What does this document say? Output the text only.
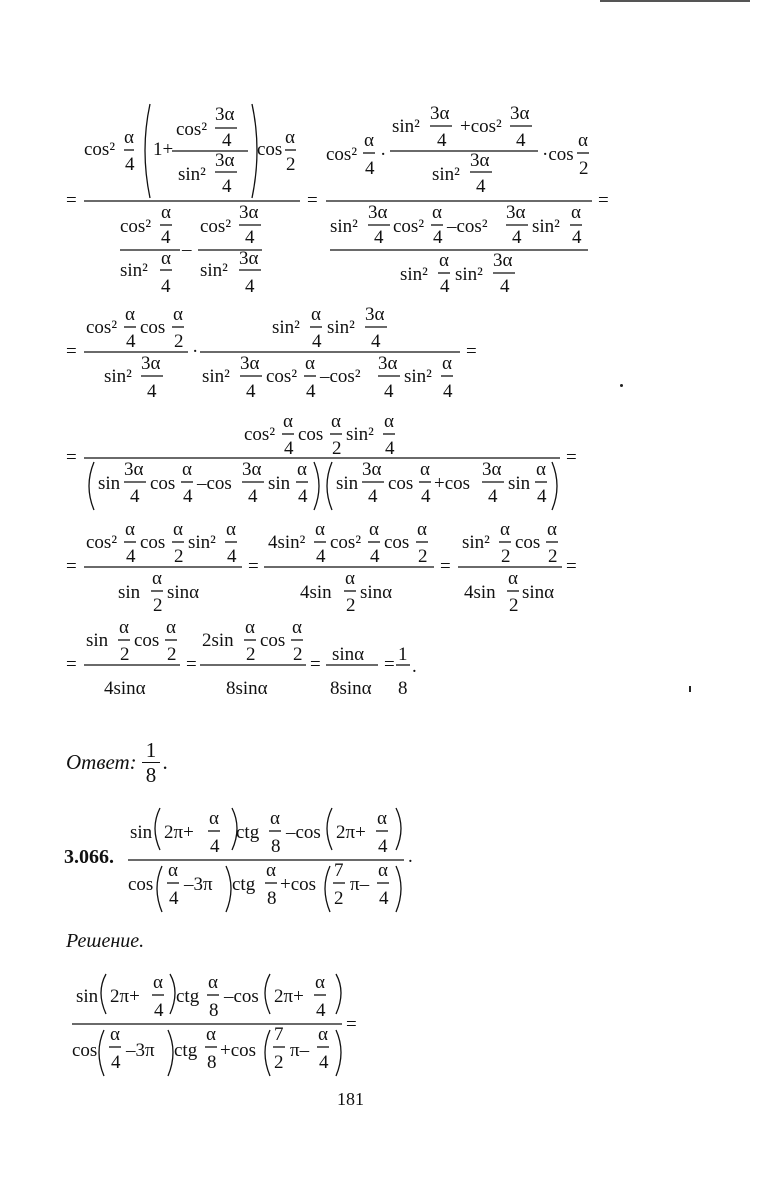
cos²
α
4
1+
cos²
3α
4
sin²
3α
4
cos
α
2
=
cos²
α
4
sin²
α
4
–
cos²
3α
4
sin²
3α
4
=
cos²
α
4
·
sin²
3α
4
+cos²
3α
4
sin²
3α
4
·cos
α
2
sin²
3α
4
cos²
α
4
–cos²
3α
4
sin²
α
4
sin²
α
4
sin²
3α
4
=
=
cos²
α
4
cos
α
2
sin²
3α
4
·
sin²
α
4
sin²
3α
4
sin²
3α
4
cos²
α
4
–cos²
3α
4
sin²
α
4
=
cos²
α
4
cos
α
2
sin²
α
4
=
sin
3α
4
cos
α
4
–cos
3α
4
sin
α
4
sin
3α
4
cos
α
4
+cos
3α
4
sin
α
4
=
=
cos²
α
4
cos
α
2
sin²
α
4
sin
α
2
sinα
=
4sin²
α
4
cos²
α
4
cos
α
2
4sin
α
2
sinα
=
sin²
α
2
cos
α
2
4sin
α
2
sinα
=
=
sin
α
2
cos
α
2
4sinα
=
2sin
α
2
cos
α
2
8sinα
= sinα
8sinα
= 1
8
.
Ответ: 1
8
.
3.066.
sin 2π+
α
4
ctg
α
8
–cos 2π+
α
4 .
cos
α
4
–3π ctg
α
8
+cos
7
2
π–
α
4
sin 2π+
α
4
ctg
α
8
–cos 2π+
α
4
=
cos
α
4
–3π ctg
α
8
+cos
7
2
π–
α
4
Решение.
181
